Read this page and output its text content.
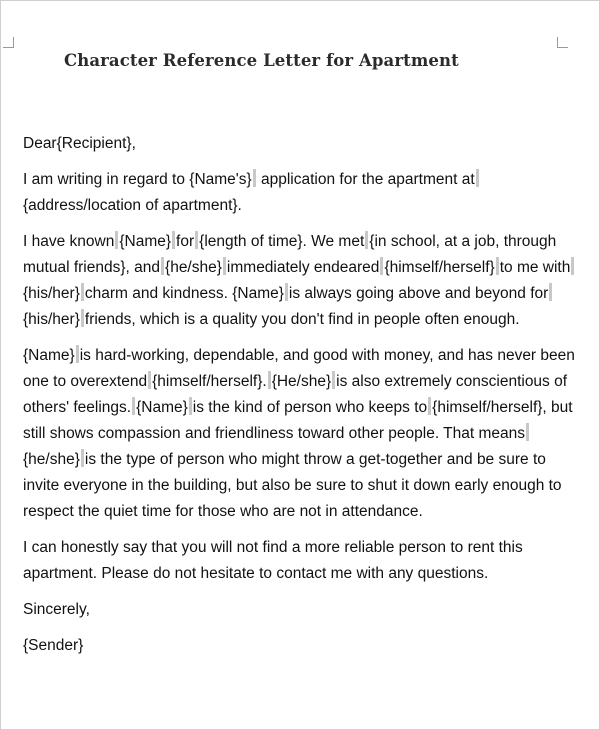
Character Reference Letter for Apartment

Dear{Recipient},

I am writing in regard to {Name's} application for the apartment at {address/location of apartment}.

I have known {Name} for {length of time}. We met {in school, at a job, through mutual friends}, and {he/she} immediately endeared {himself/herself} to me with{his/her} charm and kindness. {Name} is always going above and beyond for{his/her} friends, which is a quality you don't find in people often enough.

{Name} is hard-working, dependable, and good with money, and has never been one to overextend {himself/herself}. {He/she} is also extremely conscientious of others' feelings. {Name} is the kind of person who keeps to {himself/herself}, but still shows compassion and friendliness toward other people. That means{he/she} is the type of person who might throw a get-together and be sure to invite everyone in the building, but also be sure to shut it down early enough to respect the quiet time for those who are not in attendance.

I can honestly say that you will not find a more reliable person to rent this apartment. Please do not hesitate to contact me with any questions.

Sincerely,

{Sender}
